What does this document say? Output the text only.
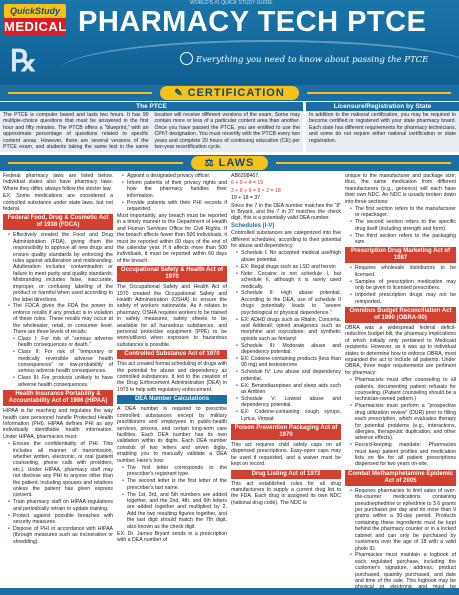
WORLD'S #1 QUICK STUDY GUIDE
QuickStudy
MEDICAL
℞
PHARMACY TECH PTCE
Everything you need to know about passing the PTCE
✎ CERTIFICATION
The PTCE
The PTCE is computer based and lasts two hours. It has 90 multiple-choice questions that must be answered in the first hour and fifty minutes. The PTCB offers a “blueprint,” with an approximate percentage of questions related to specific content areas. However, there are several versions of the PTCE exam, and students taking the same test in the same location will receive different versions of the exam. Some may contain more or less of a particular content area than another. Once you have passed the PTCE, you are entitled to use the CPhT designation. You must recertify with the PTCB every two years and complete 20 hours of continuing education (CE) per two-year recertification cycle.
Licensure/Registration by State
In addition to the national certification, you may be required to become certified or registered with your state pharmacy board. Each state has different requirements for pharmacy technicians, and some do not require either national certification or state registration.
⚖ LAWS

Federal pharmacy laws are listed below. Individual states also have pharmacy laws. Where they differ, always follow the stricter law.

EX: Some medications are considered a controlled substance under state laws, but not federal.

Federal Food, Drug & Cosmetic Act of 1938 (FDCA)
• Effectively created the Food and Drug Administration (FDA), giving them the responsibility to approve all new drugs and ensure quality standards by enforcing the rules against adulteration and misbranding. Adulteration includes contamination or failure to meet purity and quality standards. Misbranding includes false, inaccurate, improper, or confusing labeling of the product or harmful when used according to the label directions.
• The FDCA gives the FDA the power to enforce recalls if any product is in violation of these rules. These recalls may occur at the wholesaler, retail, or consumer level. There are three levels of recalls:
• Class I: For risk of “serious adverse health consequences or death.”
• Class II: For risk of “temporary or medically reversible adverse health consequences” or low-probability of serious adverse health consequences.
• Class III: For products unlikely to have adverse health consequences.
Health Insurance Portability & Accountability Act of 1996 (HIPAA)

HIPAA is far reaching and regulates the way health care personnel handle Protected Health Information (PHI). HIPAA defines PHI as any individually identifiable health information. Under HIPAA, pharmacies must:

• Ensure the confidentiality of PHI. This includes all manner of transmission, whether written, electronic, or oral (patient counseling, phone calls with providers, etc.). Under HIPAA, pharmacy staff may not disclose any PHI to anyone other than the patient, including spouses and relatives unless the patient has given express consent.
• Train pharmacy staff on HIPAA regulations and periodically retrain or update training.
• Protect against possible breaches with security measures.
• Dispose of PHI in accordance with HIPAA (through measures such as incineration or shredding).
• Appoint a designated privacy officer.
• Inform patients of their privacy rights and how the pharmacy handles their information.
• Provide patients with their PHI records if requested.

Most importantly, any breach must be reported in a timely manner to the Department of Health and Human Services Office for Civil Rights. If the breach affects fewer than 500 individuals, it must be reported within 60 days of the end of the calendar year. If it affects more than 500 individuals, it must be reported within 60 days of the breach.

Occupational Safety & Health Act of 1970

The Occupational Safety and Health Act of 1970 created the Occupational Safety and Health Administration (OSHA) to ensure the safety of workers nationwide. As it relates to pharmacy, OSHA requires workers to be trained in safety measures, safety sheets to be available for all hazardous substances, and personal protective equipment (PPE) to be worn/utilized when exposure to hazardous substances is possible.

Controlled Substance Act of 1970

This act created formal scheduling of drugs with the potential for abuse and dependency as controlled substances. It led to the creation of the Drug Enforcement Administration (DEA) in 1973 to help with regulatory enforcement.

DEA Number Calculations

A DEA number is required to prescribe controlled substances except by military practitioners and employees in public-health services, prisons, and certain long-term care facilities. Each DEA number has its own validation within its digits. Each DEA number consists of two letters and seven digits, enabling you to manually validate a DEA number. Here's how:

• The first letter corresponds to the prescriber's registrant type.
• The second letter is the first letter of the prescriber's last name.
• The 1st, 3rd, and 5th numbers are added together, and the 2nd, 4th, and 6th letters are added together and multiplied by 2. Add the two resulting figures together, and the last digit should match the 7th digit, also known as the check digit.

EX: Dr. James Bryant sends in a prescription with a DEA number of

AB6398467.

6 + 9 + 4 = 19

3 + 8 + 6 = 9 × 2 = 18

19 + 18 = 37

Since the 7 in the DEA number matches the “8” in Bryant, and the 7 in 37 matches the check digit, this is a potentially valid DEA number.

Schedules (I-V)

Controlled substances are categorized into five different schedules, according to their potential for abuse and dependency:

• Schedule I: No accepted medical use/high abuse potential.
• EX: Illegal drugs such as LSD and heroin
• Note: Cocaine is not schedule I, but schedule II, although it is rarely used medically.
• Schedule II: High abuse potential. According to the DEA, use of schedule II drugs potentially leads to “severe psychological or physical dependence.”
• EX: ADHD drugs such as Ritalin, Concerta, and Adderall; opioid analgesics such as morphine and oxycodone; and synthetic opioids such as fentanyl
• Schedule III: Moderate abuse and dependency potential.
• EX: Codeine-containing products (less than 90 mg) and testosterone
• Schedule IV: Low abuse and dependency potential.
• EX: Benzodiazepines and sleep aids such as Ambien
• Schedule V: Lowest abuse and dependency potential.
• EX: Codeine-containing cough syrups, Lyrica, Vimpat
Poison Prevention Packaging Act of 1970

This act requires child safety caps on all dispensed prescriptions. Easy-open caps may be used if requested, and a waiver must be kept on record.

Drug Listing Act of 1972

This act established rules for all drug manufacturers to supply a current drug list to the FDA. Each drug is assigned its own NDC (national drug code). The NDC is

unique to the manufacturer and package size; thus, the same medication from different manufacturers (e.g., generics) will each have their own NDC. An NDC is usually broken down into three sections:

• The first section refers to the manufacturer or repackager.
• The second section refers to the specific drug itself (including strength and form).
• The third section refers to the packaging size.
Prescription Drug Marketing Act of 1987
• Requires wholesale distributors to be licensed.
• Samples of prescription medication may only be given to licensed prescribers.
• Imported prescription drugs may not be reimported.
Omnibus Budget Reconciliation Act of 1990 (OBRA-90)

OBRA was a widespread federal deficit-reduction budget bill, the pharmacy implications of which initially only pertained to Medicaid recipients. However, as it was up to individual states to determine how to enforce OBRA, most expanded the act to include all patients. Under OBRA, three major requirements are pertinent for pharmacy:

• Pharmacists must offer counseling to all patients, documenting patient refusals for counseling. (Patient counseling should be a technician-owned pattern.)
• Pharmacists must perform a “prospective drug utilization review” (DUR) prior to filling each prescription, which evaluates therapy for potential problems (e.g., interactions, allergies, therapeutic duplication, and other adverse effects).
• Record-keeping mandate: Pharmacies must keep patient profiles and medication lists on file for all patient prescriptions dispensed for two years on-site.
Combat Methamphetamine Epidemic Act of 2005
• Requires pharmacies to limit sales of over-the-counter medications containing pseudoephedrine or ephedrine to 3.6 grams per purchaser per day and no more than 9 grams within a 30-day period. Products containing these ingredients must be kept behind the pharmacy counter or in a locked cabinet and can only be purchased by customers over the age of 18 with a valid photo ID.
• Pharmacies must maintain a logbook of each regulated purchase, including the customer's signature, address, product purchased, quantity purchased, and date and time of the sale. This logbook may be
